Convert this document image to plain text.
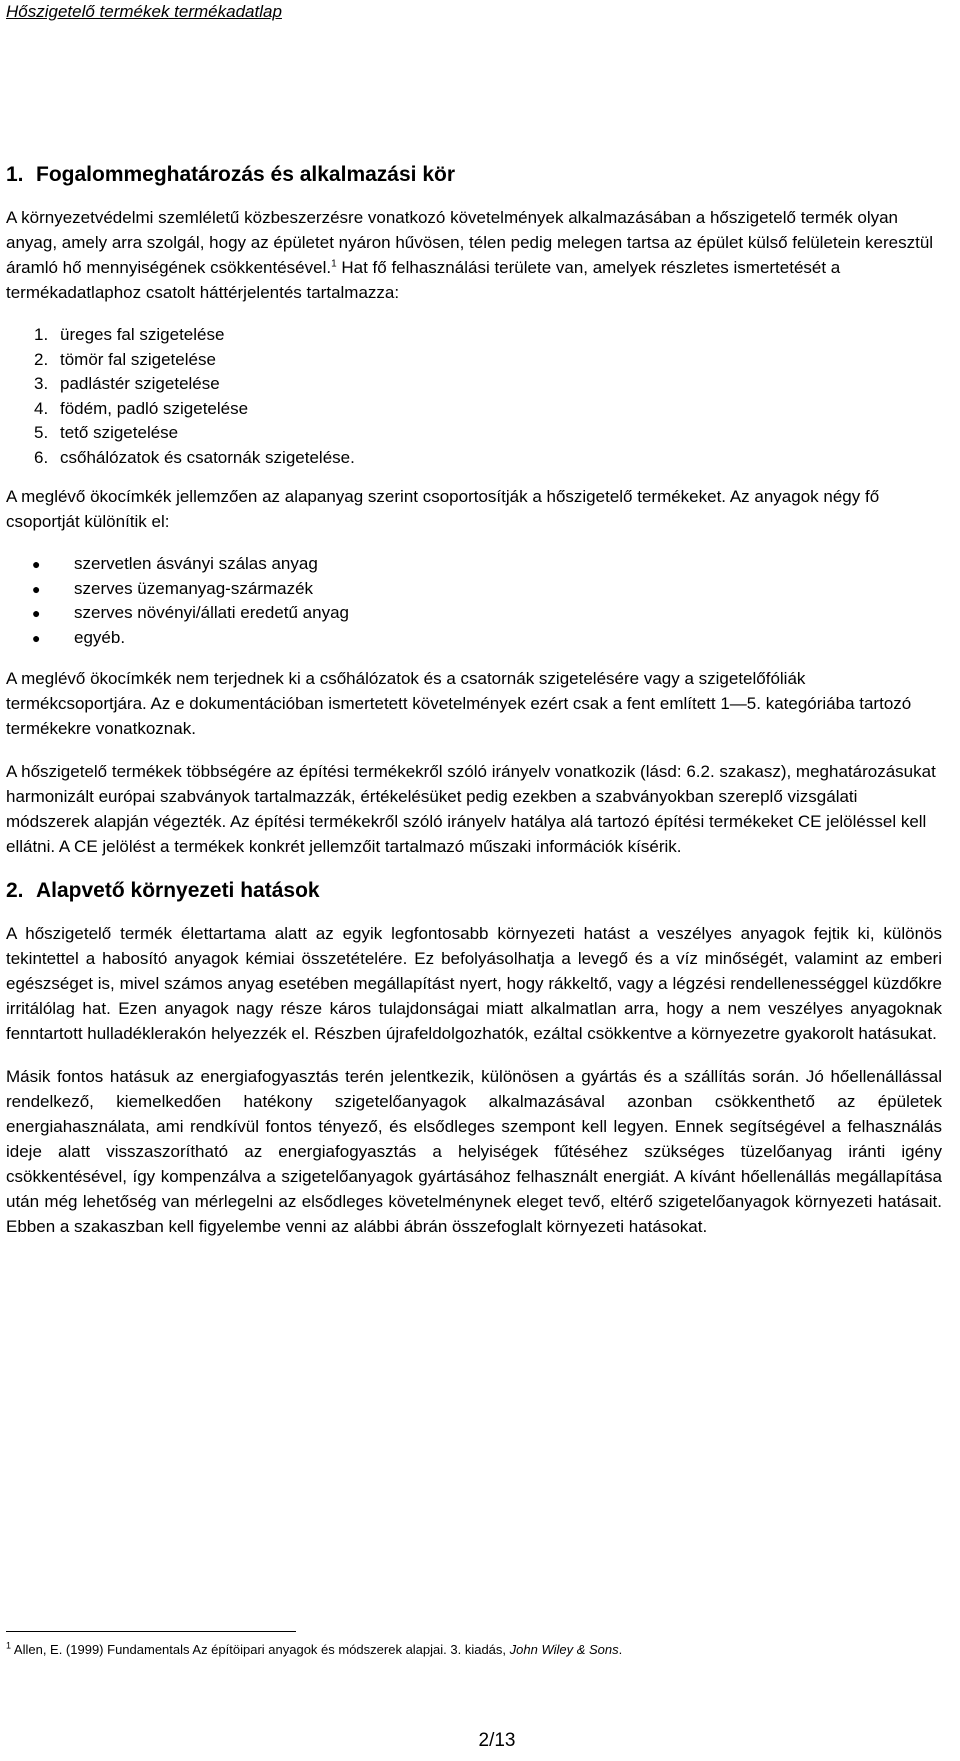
Hőszigetelő termékek termékadatlap
1. Fogalommeghatározás és alkalmazási kör

A környezetvédelmi szemléletű közbeszerzésre vonatkozó követelmények alkalmazásában a hőszigetelő termék olyan anyag, amely arra szolgál, hogy az épületet nyáron hűvösen, télen pedig melegen tartsa az épület külső felületein keresztül áramló hő mennyiségének csökkentésével.$^1$ Hat fő felhasználási területe van, amelyek részletes ismertetését a termékadatlaphoz csatolt háttérjelentés tartalmazza:

1. üreges fal szigetelése
2. tömör fal szigetelése
3. padlástér szigetelése
4. födém, padló szigetelése
5. tető szigetelése
6. csőhálózatok és csatornák szigetelése.

A meglévő ökocímkék jellemzően az alapanyag szerint csoportosítják a hőszigetelő termékeket. Az anyagok négy fő csoportját különítik el:

●	szervetlen ásványi szálas anyag
●	szerves üzemanyag-származék
●	szerves növényi/állati eredetű anyag
●	egyéb.

A meglévő ökocímkék nem terjednek ki a csőhálózatok és a csatornák szigetelésére vagy a szigetelőfóliák termékcsoportjára. Az e dokumentációban ismertetett követelmények ezért csak a fent említett 1―5. kategóriába tartozó termékekre vonatkoznak.

A hőszigetelő termékek többségére az építési termékekről szóló irányelv vonatkozik (lásd: 6.2. szakasz), meghatározásukat harmonizált európai szabványok tartalmazzák, értékelésüket pedig ezekben a szabványokban szereplő vizsgálati módszerek alapján végezték. Az építési termékekről szóló irányelv hatálya alá tartozó építési termékeket CE jelöléssel kell ellátni. A CE jelölést a termékek konkrét jellemzőit tartalmazó műszaki információk kísérik.

2. Alapvető környezeti hatások

A hőszigetelő termék élettartama alatt az egyik legfontosabb környezeti hatást a veszélyes anyagok fejtik ki, különös tekintettel a habosító anyagok kémiai összetételére. Ez befolyásolhatja a levegő és a víz minőségét, valamint az emberi egészséget is, mivel számos anyag esetében megállapítást nyert, hogy rákkeltő, vagy a légzési rendellenességgel küzdőkre irritálólag hat. Ezen anyagok nagy része káros tulajdonságai miatt alkalmatlan arra, hogy a nem veszélyes anyagoknak fenntartott hulladéklerakón helyezzék el. Részben újrafeldolgozhatók, ezáltal csökkentve a környezetre gyakorolt hatásukat.

Másik fontos hatásuk az energiafogyasztás terén jelentkezik, különösen a gyártás és a szállítás során. Jó hőellenállással rendelkező, kiemelkedően hatékony szigetelőanyagok alkalmazásával azonban csökkenthető az épületek energiahasználata, ami rendkívül fontos tényező, és elsődleges szempont kell legyen. Ennek segítségével a felhasználás ideje alatt visszaszorítható az energiafogyasztás a helyiségek fűtéséhez szükséges tüzelőanyag iránti igény csökkentésével, így kompenzálva a szigetelőanyagok gyártásához felhasznált energiát. A kívánt hőellenállás megállapítása után még lehetőség van mérlegelni az elsődleges követelménynek eleget tevő, eltérő szigetelőanyagok környezeti hatásait. Ebben a szakaszban kell figyelembe venni az alábbi ábrán összefoglalt környezeti hatásokat.

$^1$ Allen, E. (1999) Fundamentals Az építöipari anyagok és módszerek alapjai. 3. kiadás, John Wiley & Sons.
2/13
